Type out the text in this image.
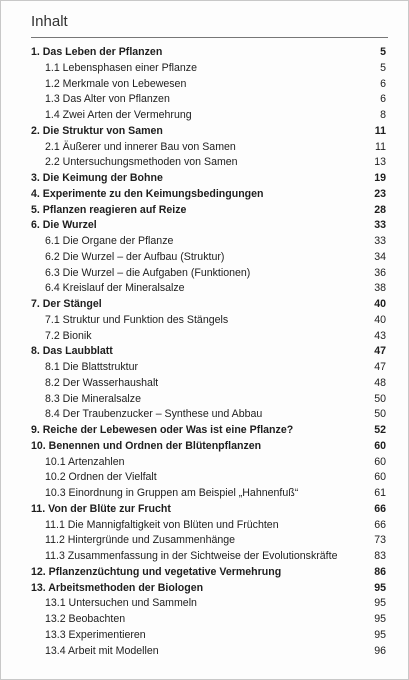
Inhalt
1. Das Leben der Pflanzen	5
1.1 Lebensphasen einer Pflanze	5
1.2 Merkmale von Lebewesen	6
1.3 Das Alter von Pflanzen	6
1.4 Zwei Arten der Vermehrung	8
2. Die Struktur von Samen	11
2.1 Äußerer und innerer Bau von Samen	11
2.2 Untersuchungsmethoden von Samen	13
3. Die Keimung der Bohne	19
4. Experimente zu den Keimungsbedingungen	23
5. Pflanzen reagieren auf Reize	28
6. Die Wurzel	33
6.1 Die Organe der Pflanze	33
6.2 Die Wurzel – der Aufbau (Struktur)	34
6.3 Die Wurzel – die Aufgaben (Funktionen)	36
6.4 Kreislauf der Mineralsalze	38
7. Der Stängel	40
7.1 Struktur und Funktion des Stängels	40
7.2 Bionik	43
8. Das Laubblatt	47
8.1 Die Blattstruktur	47
8.2 Der Wasserhaushalt	48
8.3 Die Mineralsalze	50
8.4 Der Traubenzucker – Synthese und Abbau	50
9. Reiche der Lebewesen oder Was ist eine Pflanze?	52
10. Benennen und Ordnen der Blütenpflanzen	60
10.1 Artenzahlen	60
10.2 Ordnen der Vielfalt	60
10.3 Einordnung in Gruppen am Beispiel „Hahnenfuß“	61
11. Von der Blüte zur Frucht	66
11.1 Die Mannigfaltigkeit von Blüten und Früchten	66
11.2 Hintergründe und Zusammenhänge	73
11.3 Zusammenfassung in der Sichtweise der Evolutionskräfte	83
12. Pflanzenzüchtung und vegetative Vermehrung	86
13. Arbeitsmethoden der Biologen	95
13.1 Untersuchen und Sammeln	95
13.2 Beobachten	95
13.3 Experimentieren	95
13.4 Arbeit mit Modellen	96
